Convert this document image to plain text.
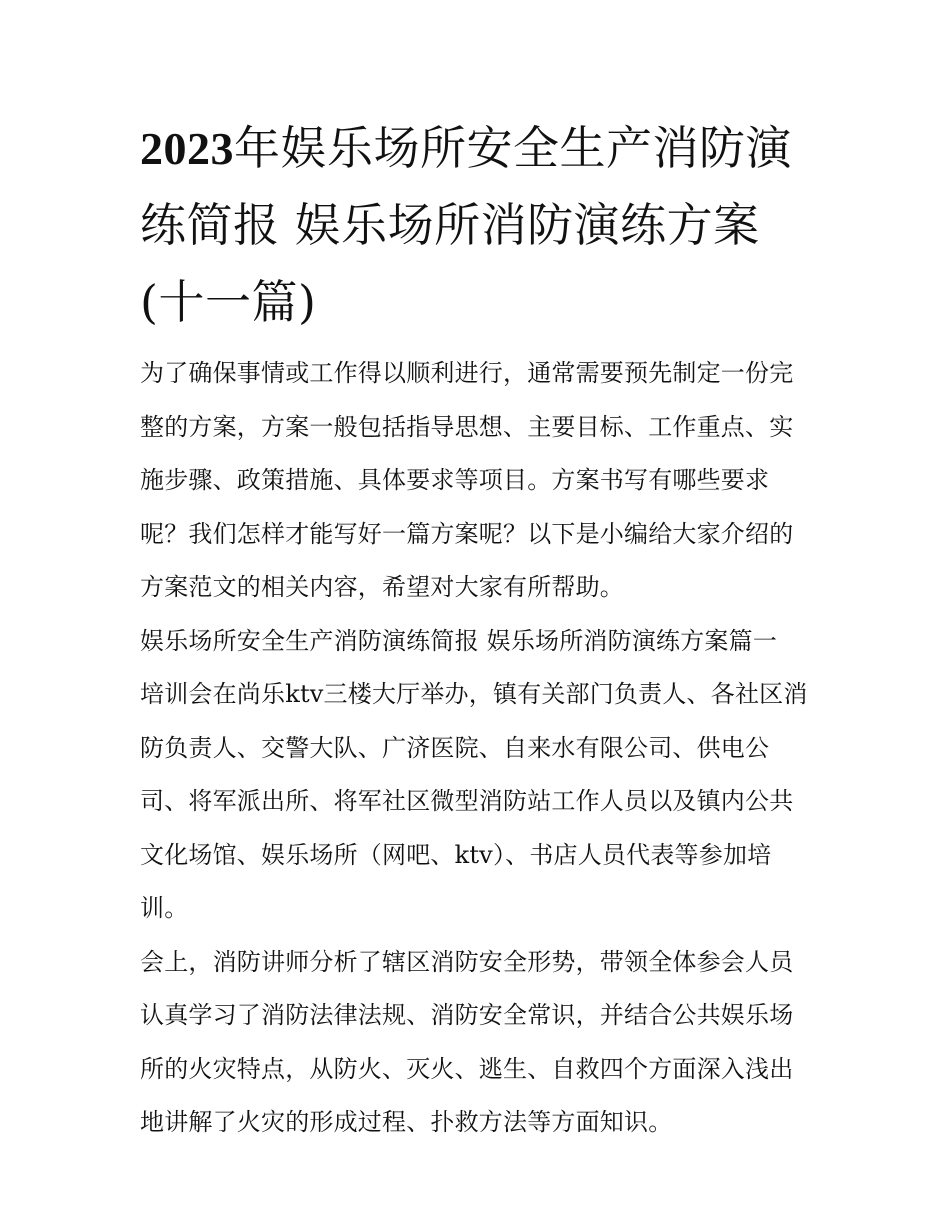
2023年娱乐场所安全生产消防演练简报 娱乐场所消防演练方案(十一篇)

为了确保事情或工作得以顺利进行，通常需要预先制定一份完整的方案，方案一般包括指导思想、主要目标、工作重点、实施步骤、政策措施、具体要求等项目。方案书写有哪些要求呢？我们怎样才能写好一篇方案呢？以下是小编给大家介绍的方案范文的相关内容，希望对大家有所帮助。

娱乐场所安全生产消防演练简报 娱乐场所消防演练方案篇一

培训会在尚乐ktv三楼大厅举办，镇有关部门负责人、各社区消防负责人、交警大队、广济医院、自来水有限公司、供电公司、将军派出所、将军社区微型消防站工作人员以及镇内公共文化场馆、娱乐场所（网吧、ktv）、书店人员代表等参加培训。

会上，消防讲师分析了辖区消防安全形势，带领全体参会人员认真学习了消防法律法规、消防安全常识，并结合公共娱乐场所的火灾特点，从防火、灭火、逃生、自救四个方面深入浅出地讲解了火灾的形成过程、扑救方法等方面知识。
